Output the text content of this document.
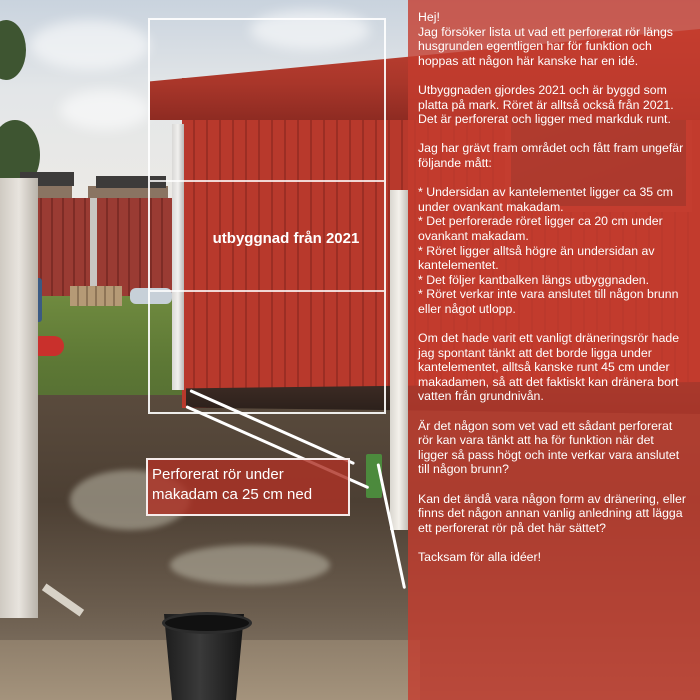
utbyggnad från 2021
Perforerat rör under makadam ca 25 cm ned

Hej!
Jag försöker lista ut vad ett perforerat rör längs husgrunden egentligen har för funktion och hoppas att någon här kanske har en idé.

Utbyggnaden gjordes 2021 och är byggd som platta på mark. Röret är alltså också från 2021. Det är perforerat och ligger med markduk runt.

Jag har grävt fram området och fått fram ungefär följande mått:

* Undersidan av kantelementet ligger ca 35 cm under ovankant makadam.
* Det perforerade röret ligger ca 20 cm under ovankant makadam.
* Röret ligger alltså högre än undersidan av kantelementet.
* Det följer kantbalken längs utbyggnaden.
* Röret verkar inte vara anslutet till någon brunn eller något utlopp.

Om det hade varit ett vanligt dräneringsrör hade jag spontant tänkt att det borde ligga under kantelementet, alltså kanske runt 45 cm under makadamen, så att det faktiskt kan dränera bort vatten från grundnivån.

Är det någon som vet vad ett sådant perforerat rör kan vara tänkt att ha för funktion när det ligger så pass högt och inte verkar vara anslutet till någon brunn?

Kan det ändå vara någon form av dränering, eller finns det någon annan vanlig anledning att lägga ett perforerat rör på det här sättet?

Tacksam för alla idéer!
